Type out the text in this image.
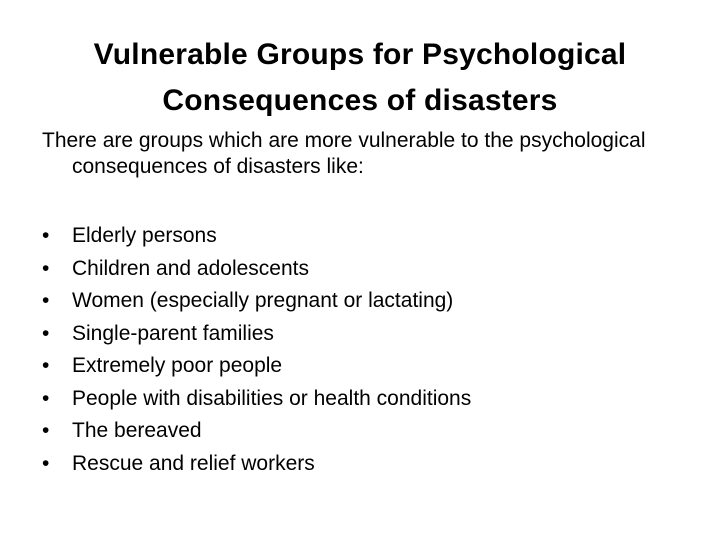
Vulnerable Groups for Psychological
Consequences of disasters
There are groups which are more vulnerable to the psychological consequences of disasters like:
•	Elderly persons
•	Children and adolescents
•	Women (especially pregnant or lactating)
•	Single-parent families
•	Extremely poor people
•	People with disabilities or health conditions
•	The bereaved
•	Rescue and relief workers
